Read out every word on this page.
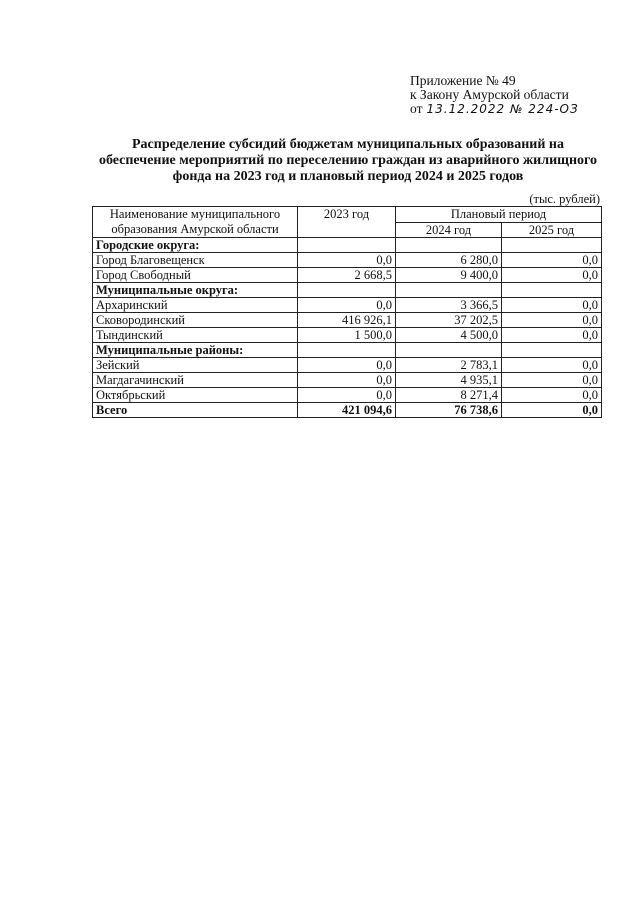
Приложение № 49
к Закону Амурской области
от 13.12.2022 № 224-ОЗ
Распределение субсидий бюджетам муниципальных образований на обеспечение мероприятий по переселению граждан из аварийного жилищного фонда на 2023 год и плановый период 2024 и 2025 годов
(тыс. рублей)
Наименование муниципального
образования Амурской области	2023 год	Плановый период	
		2024 год	2025 год
Городские округа:			
Город Благовещенск	0,0	6 280,0	0,0
Город Свободный	2 668,5	9 400,0	0,0
Муниципальные округа:			
Архаринский	0,0	3 366,5	0,0
Сковородинский	416 926,1	37 202,5	0,0
Тындинский	1 500,0	4 500,0	0,0
Муниципальные районы:			
Зейский	0,0	2 783,1	0,0
Магдагачинский	0,0	4 935,1	0,0
Октябрьский	0,0	8 271,4	0,0
Всего	421 094,6	76 738,6	0,0
